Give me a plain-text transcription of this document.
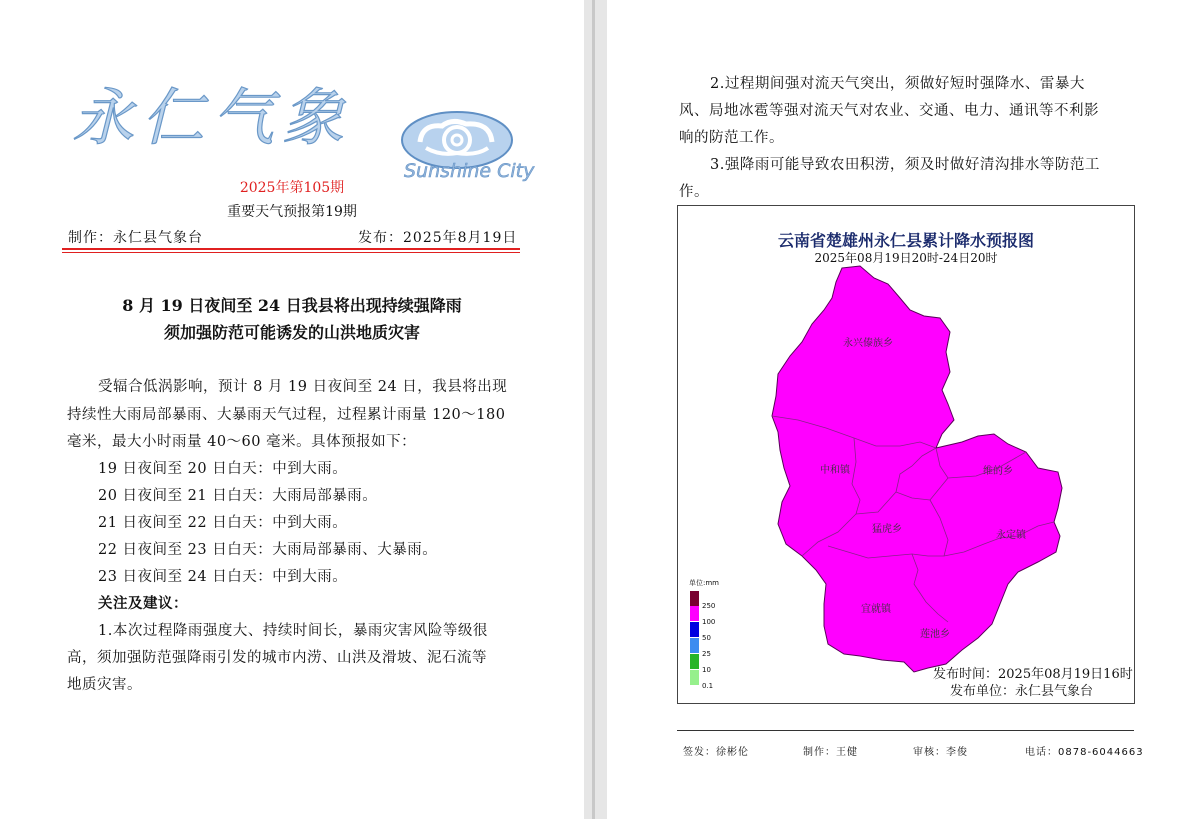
永仁气象
Sunshine City
2025年第105期
重要天气预报第19期
制作：永仁县气象台	发布：2025年8月19日
8 月 19 日夜间至 24 日我县将出现持续强降雨
须加强防范可能诱发的山洪地质灾害
受辐合低涡影响，预计 8 月 19 日夜间至 24 日，我县将出现
持续性大雨局部暴雨、大暴雨天气过程，过程累计雨量 120～180
毫米，最大小时雨量 40～60 毫米。具体预报如下：
19 日夜间至 20 日白天：中到大雨。
20 日夜间至 21 日白天：大雨局部暴雨。
21 日夜间至 22 日白天：中到大雨。
22 日夜间至 23 日白天：大雨局部暴雨、大暴雨。
23 日夜间至 24 日白天：中到大雨。
关注及建议：
1.本次过程降雨强度大、持续时间长，暴雨灾害风险等级很
高，须加强防范强降雨引发的城市内涝、山洪及滑坡、泥石流等
地质灾害。
2.过程期间强对流天气突出，须做好短时强降水、雷暴大
风、局地冰雹等强对流天气对农业、交通、电力、通讯等不利影
响的防范工作。
3.强降雨可能导致农田积涝，须及时做好清沟排水等防范工
作。
云南省楚雄州永仁县累计降水预报图
2025年08月19日20时-24日20时
永兴傣族乡
中和镇	维的乡
猛虎乡
永定镇
宜就镇
莲池乡
单位:mm
250
100
50
25
10
0.1
发布时间：2025年08月19日16时
发布单位：永仁县气象台
签发：徐彬伦	制作：王健	审核：李俊	电话：0878-6044663
